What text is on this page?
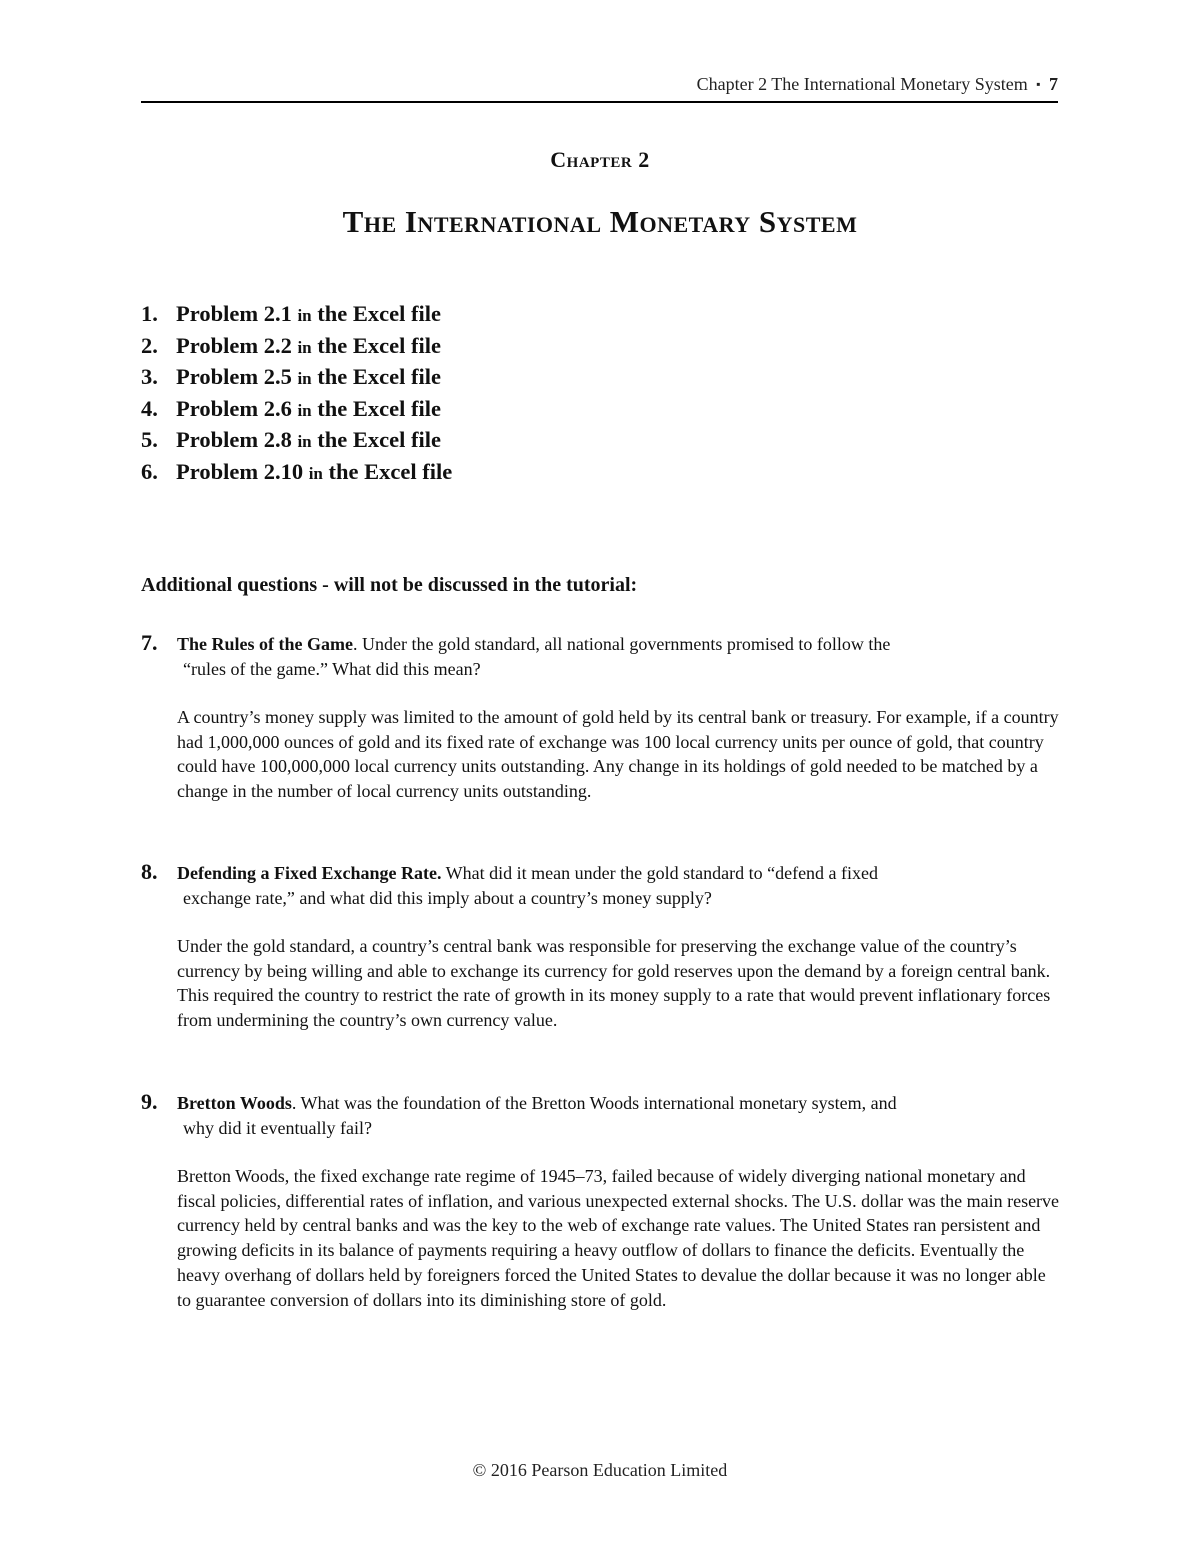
Chapter 2 The International Monetary System ▪ 7
Chapter 2
The International Monetary System
1. Problem 2.1 in the Excel file
2. Problem 2.2 in the Excel file
3. Problem 2.5 in the Excel file
4. Problem 2.6 in the Excel file
5. Problem 2.8 in the Excel file
6. Problem 2.10 in the Excel file
Additional questions - will not be discussed in the tutorial:
7. The Rules of the Game. Under the gold standard, all national governments promised to follow the
“rules of the game.” What did this mean?
A country’s money supply was limited to the amount of gold held by its central bank or treasury. For example, if a country had 1,000,000 ounces of gold and its fixed rate of exchange was 100 local currency units per ounce of gold, that country could have 100,000,000 local currency units outstanding. Any change in its holdings of gold needed to be matched by a change in the number of local currency units outstanding.
8. Defending a Fixed Exchange Rate. What did it mean under the gold standard to “defend a fixed
exchange rate,” and what did this imply about a country’s money supply?
Under the gold standard, a country’s central bank was responsible for preserving the exchange value of the country’s currency by being willing and able to exchange its currency for gold reserves upon the demand by a foreign central bank. This required the country to restrict the rate of growth in its money supply to a rate that would prevent inflationary forces from undermining the country’s own currency value.
9. Bretton Woods. What was the foundation of the Bretton Woods international monetary system, and
why did it eventually fail?
Bretton Woods, the fixed exchange rate regime of 1945–73, failed because of widely diverging national monetary and fiscal policies, differential rates of inflation, and various unexpected external shocks. The U.S. dollar was the main reserve currency held by central banks and was the key to the web of exchange rate values. The United States ran persistent and growing deficits in its balance of payments requiring a heavy outflow of dollars to finance the deficits. Eventually the heavy overhang of dollars held by foreigners forced the United States to devalue the dollar because it was no longer able to guarantee conversion of dollars into its diminishing store of gold.
© 2016 Pearson Education Limited
